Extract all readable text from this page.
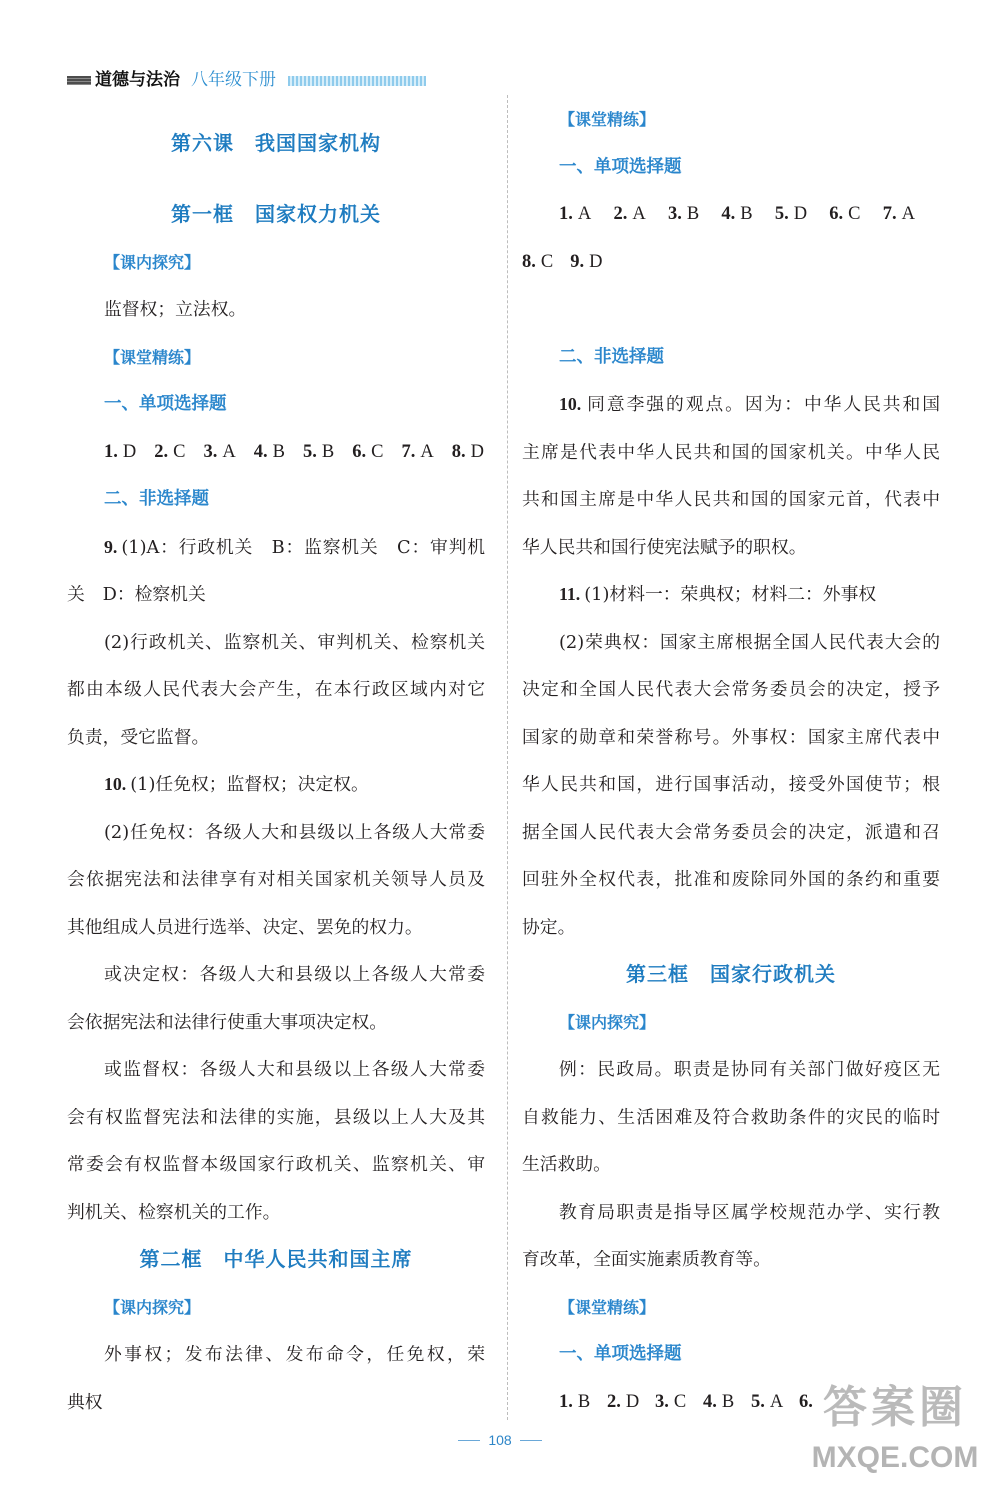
道德与法治 八年级下册
第六课　我国国家机构
第一框　国家权力机关
【课内探究】
监督权；立法权。
【课堂精练】
一、单项选择题
1. D 2. C 3. A 4. B 5. B 6. C 7. A 8. D
二、非选择题
9. (1)A：行政机关　B：监察机关　C：审判机
关　D：检察机关
(2)行政机关、监察机关、审判机关、检察机关
都由本级人民代表大会产生，在本行政区域内对它
负责，受它监督。
10. (1)任免权；监督权；决定权。
(2)任免权：各级人大和县级以上各级人大常委
会依据宪法和法律享有对相关国家机关领导人员及
其他组成人员进行选举、决定、罢免的权力。
或决定权：各级人大和县级以上各级人大常委
会依据宪法和法律行使重大事项决定权。
或监督权：各级人大和县级以上各级人大常委
会有权监督宪法和法律的实施，县级以上人大及其
常委会有权监督本级国家行政机关、监察机关、审
判机关、检察机关的工作。
第二框　中华人民共和国主席
【课内探究】
外事权；发布法律、发布命令，任免权，荣
典权
【课堂精练】
一、单项选择题
1. A 2. A 3. B 4. B 5. D 6. C 7. A
8. C 9. D
二、非选择题
10. 同意李强的观点。因为：中华人民共和国
主席是代表中华人民共和国的国家机关。中华人民
共和国主席是中华人民共和国的国家元首，代表中
华人民共和国行使宪法赋予的职权。
11. (1)材料一：荣典权；材料二：外事权
(2)荣典权：国家主席根据全国人民代表大会的
决定和全国人民代表大会常务委员会的决定，授予
国家的勋章和荣誉称号。外事权：国家主席代表中
华人民共和国，进行国事活动，接受外国使节；根
据全国人民代表大会常务委员会的决定，派遣和召
回驻外全权代表，批准和废除同外国的条约和重要
协定。
第三框　国家行政机关
【课内探究】
例：民政局。职责是协同有关部门做好疫区无
自救能力、生活困难及符合救助条件的灾民的临时
生活救助。
教育局职责是指导区属学校规范办学、实行教
育改革，全面实施素质教育等。
【课堂精练】
一、单项选择题
1. B 2. D 3. C 4. B 5. A 6.
108
答案圈
MXQE.COM
